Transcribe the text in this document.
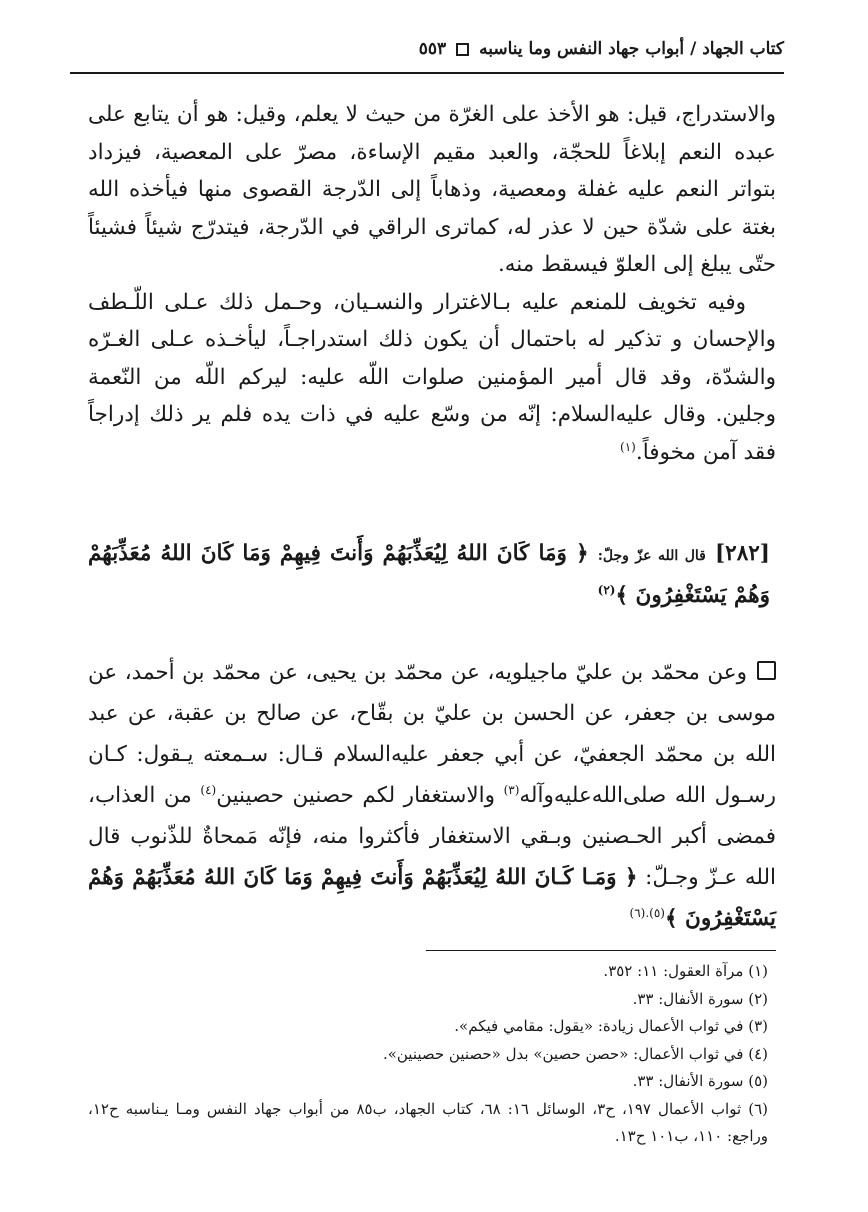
كتاب الجهاد / أبواب جهاد النفس وما يناسبه
٥٥٣

والاستدراج، قيل: هو الأخذ على الغرّة من حيث لا يعلم، وقيل: هو أن يتابع على عبده النعم إبلاغاً للحجّة، والعبد مقيم الإساءة، مصرّ على المعصية، فيزداد بتواتر النعم عليه غفلة ومعصية، وذهاباً إلى الدّرجة القصوى منها فيأخذه الله بغتة على شدّة حين لا عذر له، كماترى الراقي في الدّرجة، فيتدرّج شيئاً فشيئاً حتّى يبلغ إلى العلوّ فيسقط منه.

وفيه تخويف للمنعم عليه بـالاغترار والنسـيان، وحـمل ذلك عـلى اللّـطف والإحسان و تذكير له باحتمال أن يكون ذلك استدراجـاً، ليأخـذه عـلى الغـرّه والشدّة، وقد قال أمير المؤمنين صلوات اللّه عليه: ليركم اللّه من النّعمة وجلين. وقال عليه‌السلام: إنّه من وسّع عليه في ذات يده فلم ير ذلك إدراجاً فقد آمن مخوفاً.$^{(١)}$

[٢٨٢] قال الله عزّ وجلّ: ﴿ وَمَا كَانَ اللهُ لِيُعَذِّبَهُمْ وَأَنتَ فِيهِمْ وَمَا كَانَ اللهُ مُعَذِّبَهُمْ وَهُمْ يَسْتَغْفِرُونَ ﴾$^{(٢)}$
وعن محمّد بن عليّ ماجيلويه، عن محمّد بن يحيى، عن محمّد بن أحمد، عن موسى بن جعفر، عن الحسن بن عليّ بن بقّاح، عن صالح بن عقبة، عن عبد الله بن محمّد الجعفيّ، عن أبي جعفر عليه‌السلام قـال: سـمعته يـقول: كـان رسـول الله صلى‌الله‌عليه‌وآله$^{(٣)}$ والاستغفار لكم حصنين حصينين$^{(٤)}$ من العذاب، فمضى أكبر الحـصنين وبـقي الاستغفار فأكثروا منه، فإنّه مَمحاةٌ للذّنوب قال الله عـزّ وجـلّ: ﴿ وَمَـا كَـانَ اللهُ لِيُعَذِّبَهُمْ وَأَنتَ فِيهِمْ وَمَا كَانَ اللهُ مُعَذِّبَهُمْ وَهُمْ يَسْتَغْفِرُونَ ﴾$^{(٥).(٦)}$

(١) مرآة العقول: ١١: ٣٥٢.

(٢) سورة الأنفال: ٣٣.

(٣) في ثواب الأعمال زيادة: «يقول: مقامي فيكم».

(٤) في ثواب الأعمال: «حصن حصين» بدل «حصنين حصينين».

(٥) سورة الأنفال: ٣٣.

(٦) ثواب الأعمال ١٩٧، ح٣، الوسائل ١٦: ٦٨، كتاب الجهاد، ب٨٥ من أبواب جهاد النفس ومـا يـناسبه ح١٢، وراجع: ١١٠، ب١٠١ ح١٣.
